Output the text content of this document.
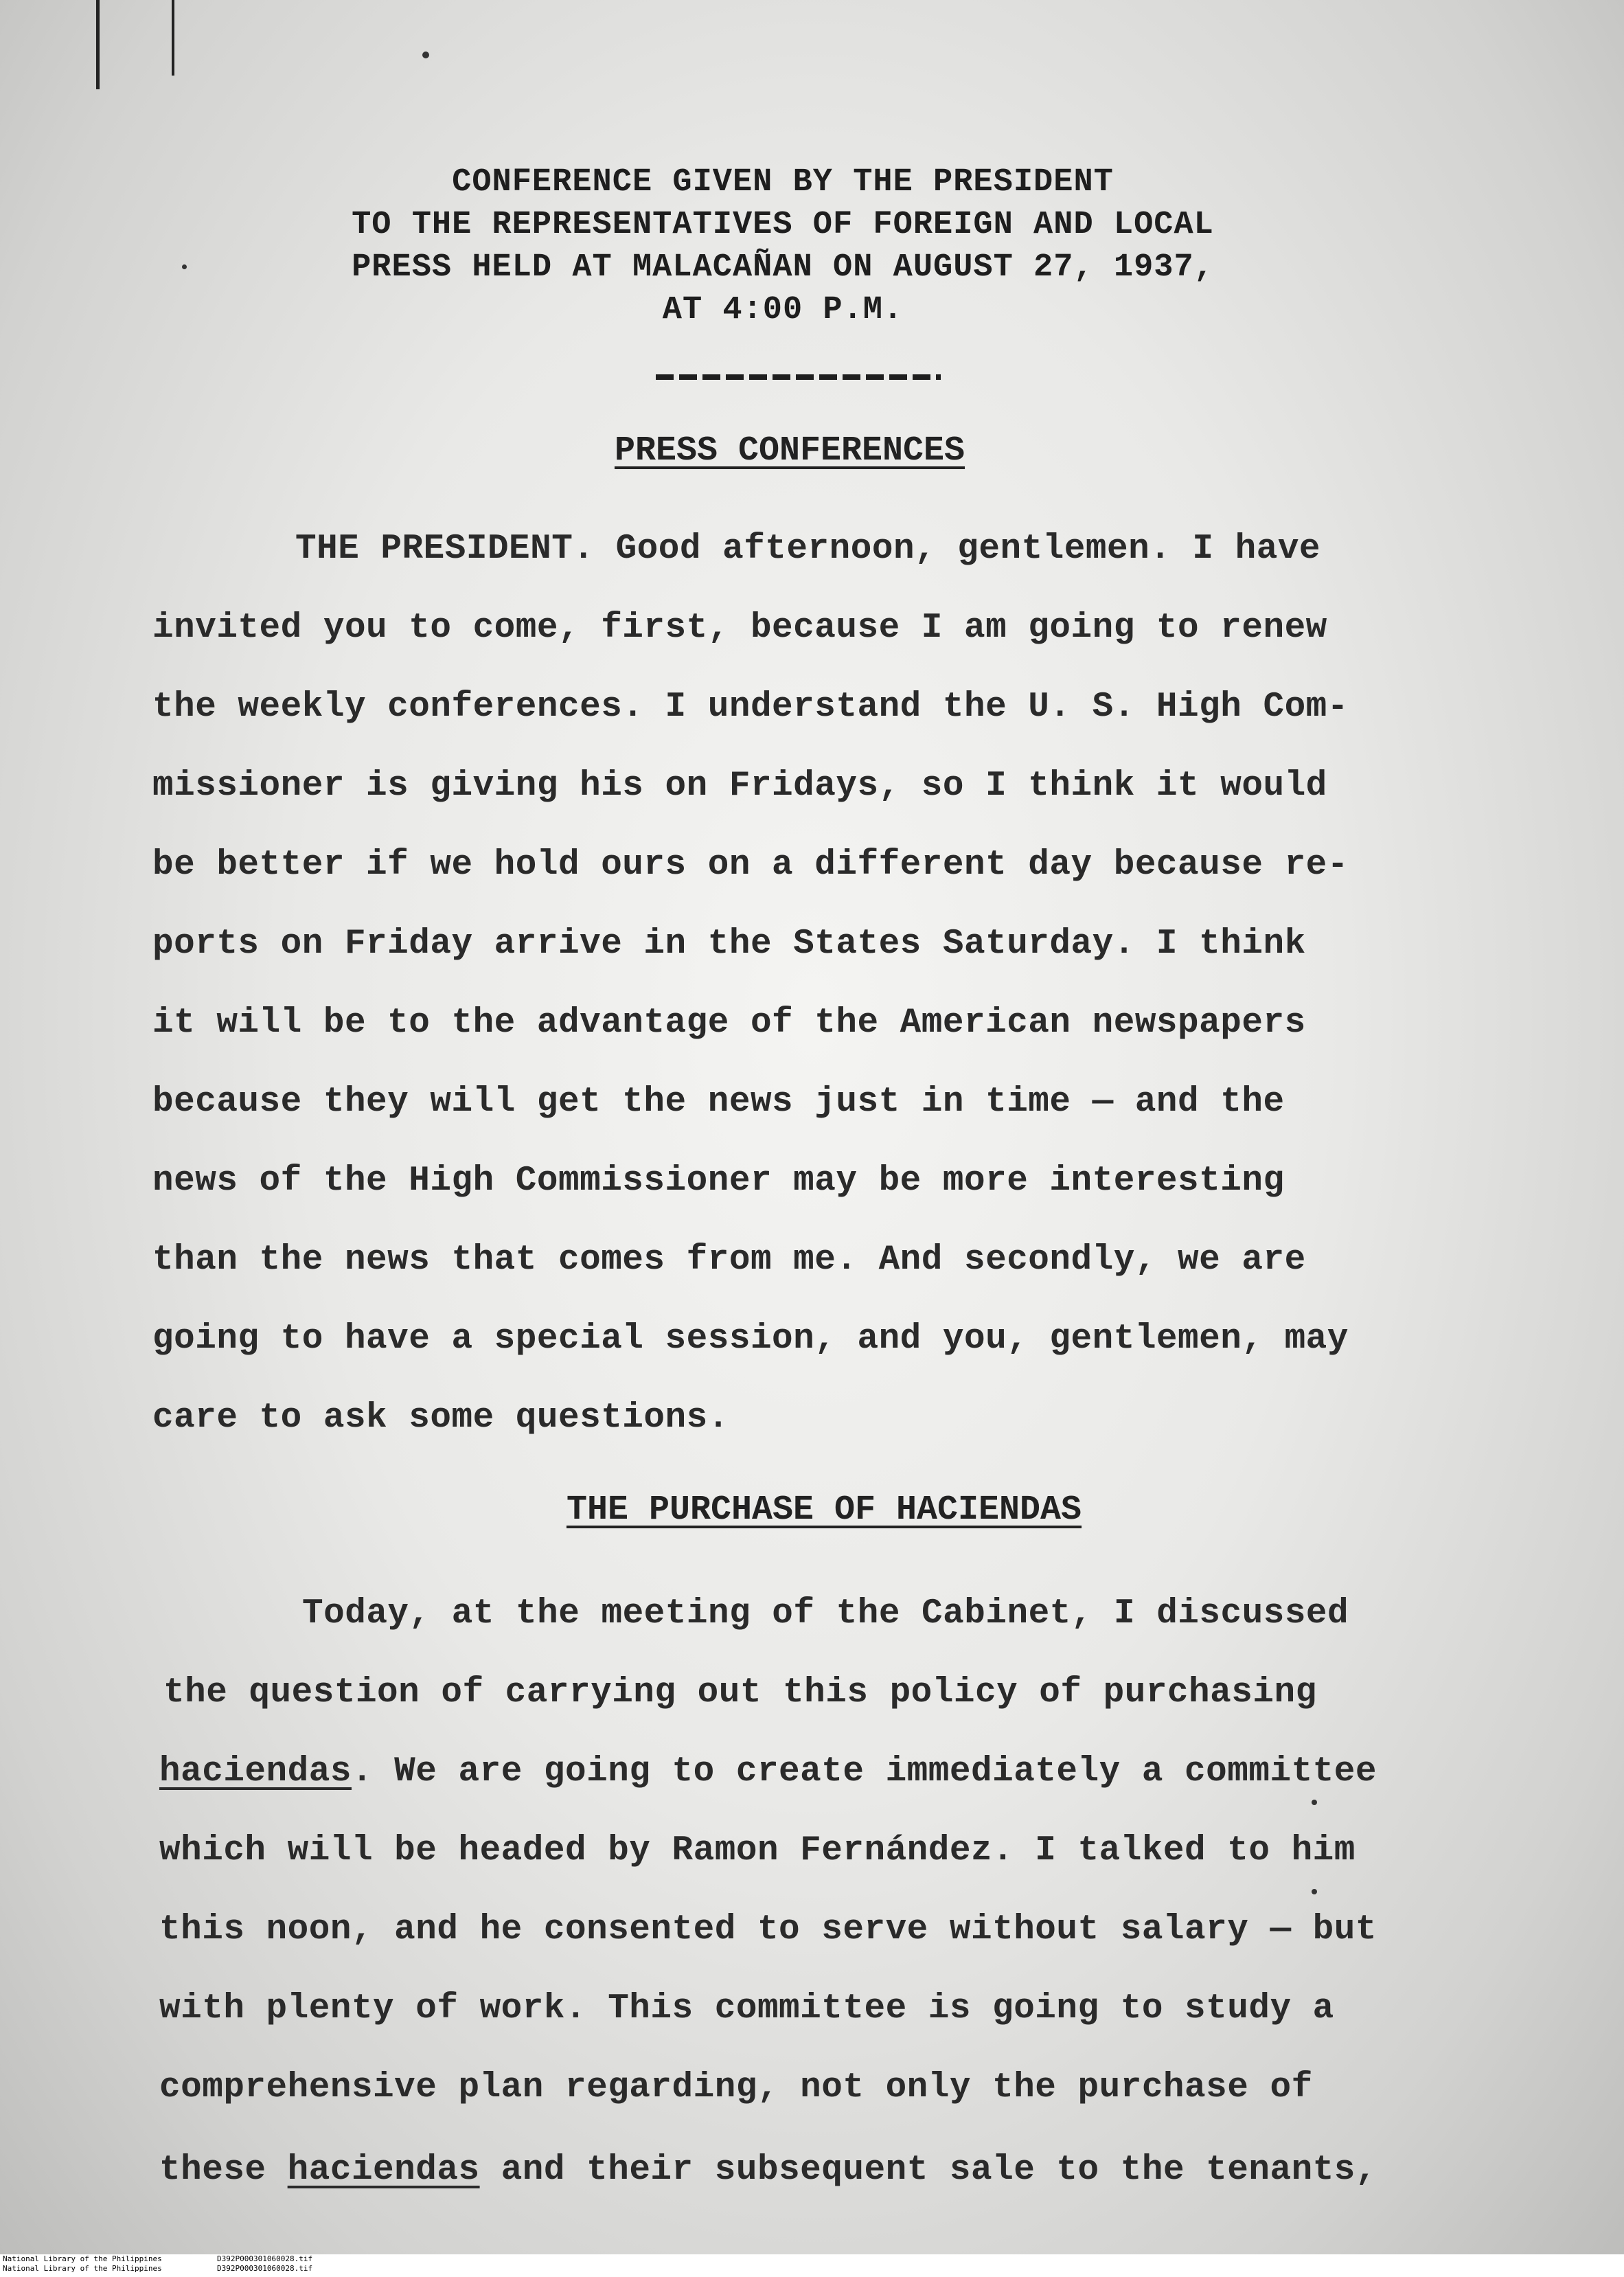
CONFERENCE GIVEN BY THE PRESIDENT
TO THE REPRESENTATIVES OF FOREIGN AND LOCAL
PRESS HELD AT MALACAÑAN ON AUGUST 27, 1937,
AT 4:00 P.M.
PRESS CONFERENCES
THE PRESIDENT. Good afternoon, gentlemen. I have
invited you to come, first, because I am going to renew
the weekly conferences. I understand the U. S. High Com-
missioner is giving his on Fridays, so I think it would
be better if we hold ours on a different day because re-
ports on Friday arrive in the States Saturday. I think
it will be to the advantage of the American newspapers
because they will get the news just in time — and the
news of the High Commissioner may be more interesting
than the news that comes from me. And secondly, we are
going to have a special session, and you, gentlemen, may
care to ask some questions.
THE PURCHASE OF HACIENDAS
Today, at the meeting of the Cabinet, I discussed
the question of carrying out this policy of purchasing
haciendas. We are going to create immediately a committee
which will be headed by Ramon Fernández. I talked to him
this noon, and he consented to serve without salary — but
with plenty of work. This committee is going to study a
comprehensive plan regarding, not only the purchase of
these haciendas and their subsequent sale to the tenants,
National Library of the Philippines	D392P000301060028.tif
National Library of the Philippines	D392P000301060028.tif
